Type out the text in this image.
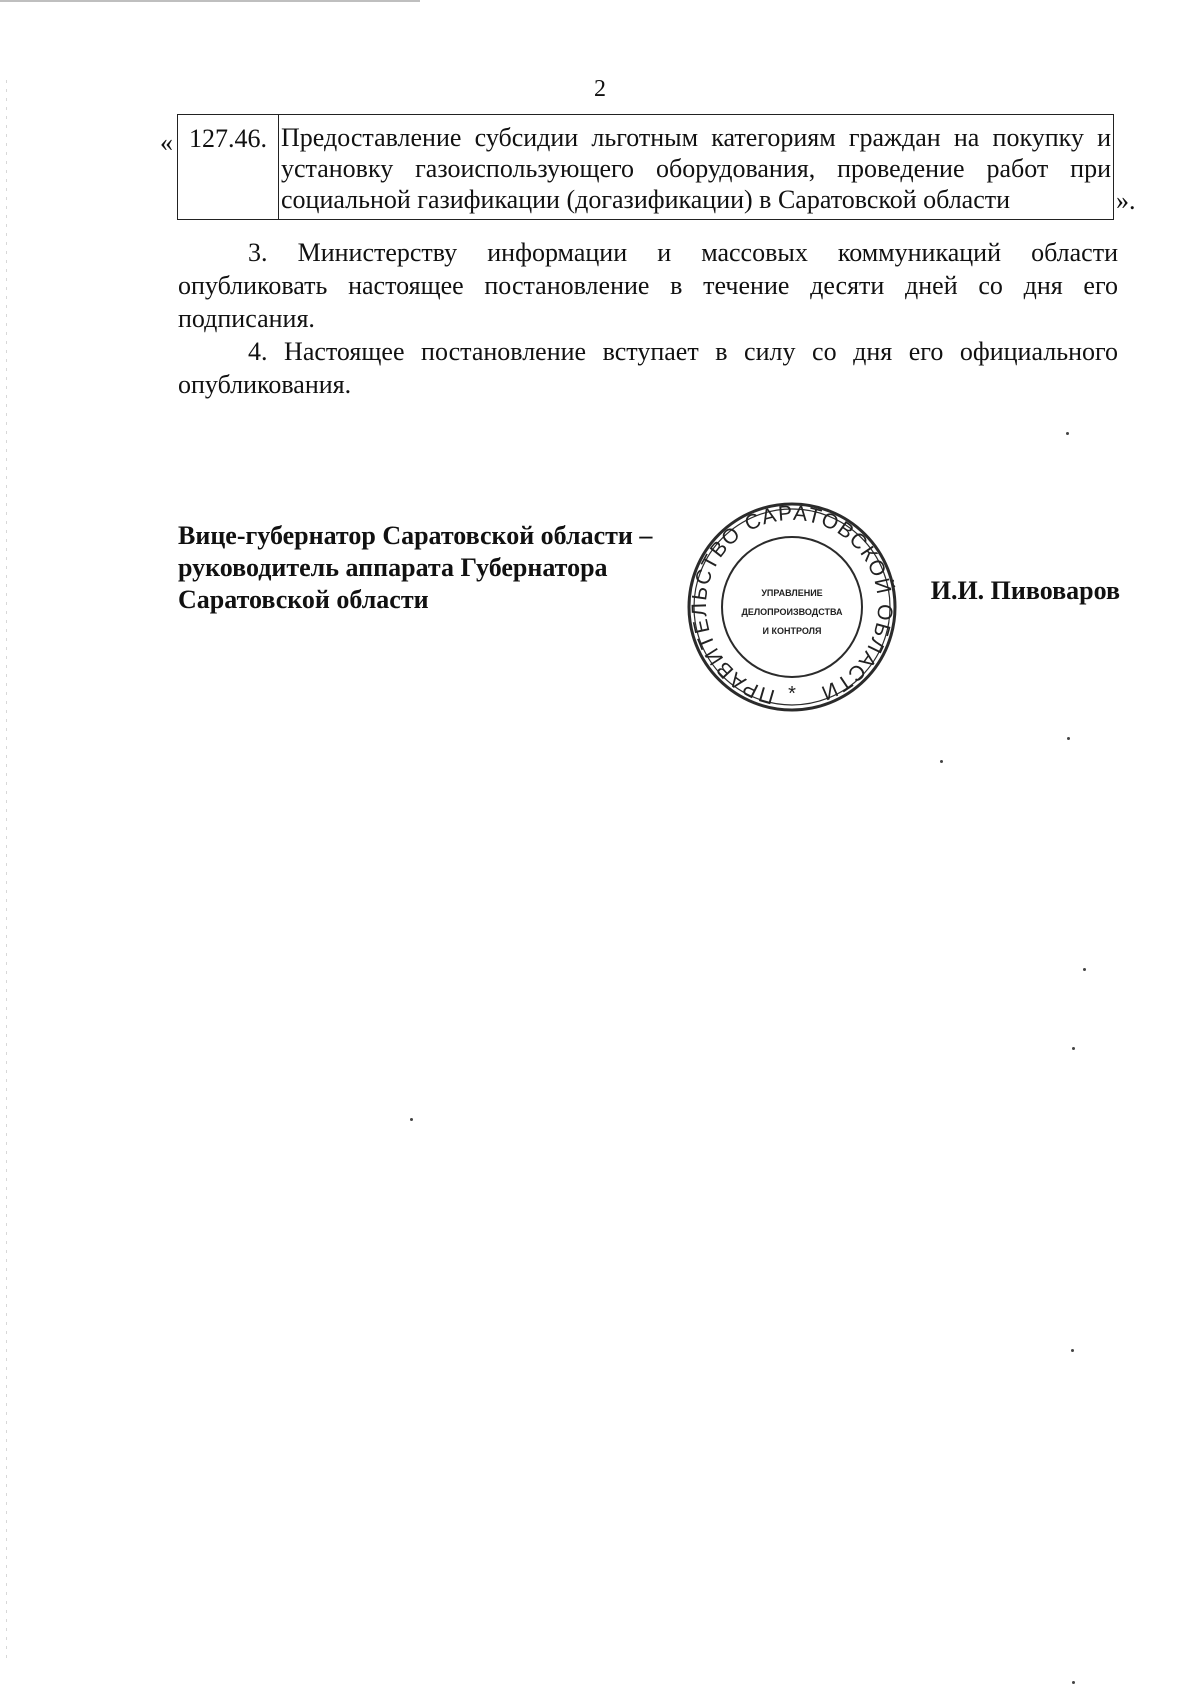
2
« 127.46. Предоставление субсидии льготным категориям граждан на покупку и установку газоиспользующего оборудования, проведение работ при социальной газификации (догазификации) в Саратовской области	».

3. Министерству информации и массовых коммуникаций области опубликовать настоящее постановление в течение десяти дней со дня его подписания.

4. Настоящее постановление вступает в силу со дня его официального опубликования.

Вице-губернатор Саратовской области –
руководитель аппарата Губернатора
Саратовской области
ПРАВИТЕЛЬСТВО САРАТОВСКОЙ ОБЛАСТИ
УПРАВЛЕНИЕ
ДЕЛОПРОИЗВОДСТВА
И КОНТРОЛЯ
*
И.И. Пивоваров
